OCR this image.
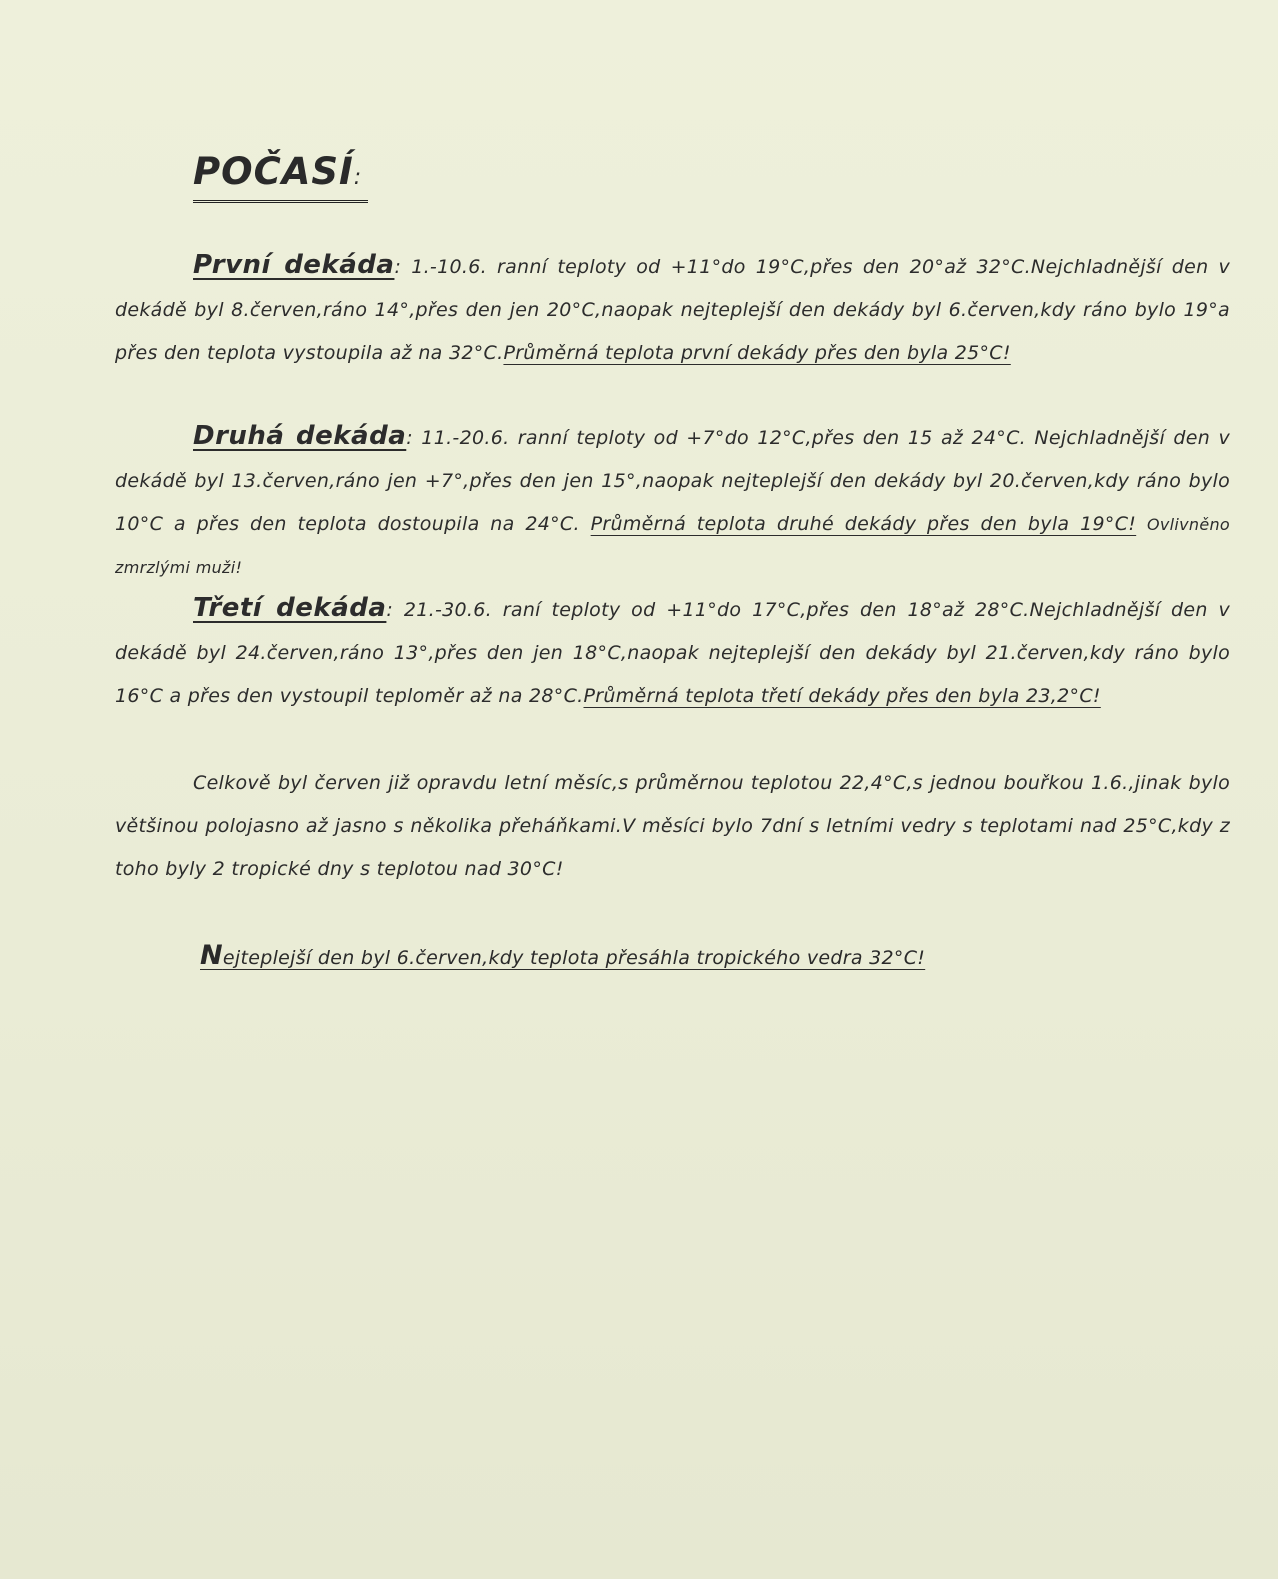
POČASÍ:
První dekáda: 1.-10.6. ranní teploty od +11°do 19°C,přes den 20°až 32°C.Nejchladnější den v dekádě byl 8.červen,ráno 14°,přes den jen 20°C,naopak nejteplejší den dekády byl 6.červen,kdy ráno bylo 19°a přes den teplota vystoupila až na 32°C.Průměrná teplota první dekády přes den byla 25°C!
Druhá dekáda: 11.-20.6. ranní teploty od +7°do 12°C,přes den 15 až 24°C. Nejchladnější den v dekádě byl 13.červen,ráno jen +7°,přes den jen 15°,naopak nejteplejší den dekády byl 20.červen,kdy ráno bylo 10°C a přes den teplota dostoupila na 24°C. Průměrná teplota druhé dekády přes den byla 19°C! Ovlivněno zmrzlými muži!
Třetí dekáda: 21.-30.6. raní teploty od +11°do 17°C,přes den 18°až 28°C.Nejchladnější den v dekádě byl 24.červen,ráno 13°,přes den jen 18°C,naopak nejteplejší den dekády byl 21.červen,kdy ráno bylo 16°C a přes den vystoupil teploměr až na 28°C.Průměrná teplota třetí dekády přes den byla 23,2°C!
Celkově byl červen již opravdu letní měsíc,s průměrnou teplotou 22,4°C,s jednou bouřkou 1.6.,jinak bylo většinou polojasno až jasno s několika přeháňkami.V měsíci bylo 7dní s letními vedry s teplotami nad 25°C,kdy z toho byly 2 tropické dny s teplotou nad 30°C!
Nejteplejší den byl 6.červen,kdy teplota přesáhla tropického vedra 32°C!
